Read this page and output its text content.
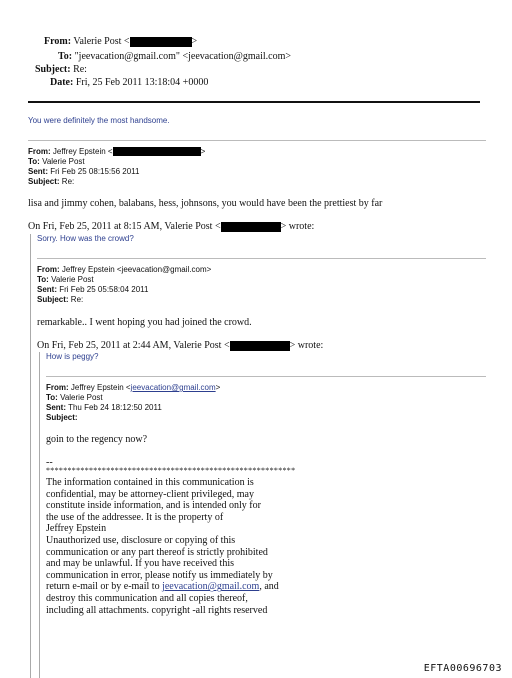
From: Valerie Post <	>
To: "jeevacation@gmail.com" <jeevacation@gmail.com>
Subject: Re:
Date: Fri, 25 Feb 2011 13:18:04 +0000
You were definitely the most handsome.
From: Jeffrey Epstein <	>
To: Valerie Post
Sent: Fri Feb 25 08:15:56 2011
Subject: Re:
lisa and jimmy cohen, balabans, hess, johnsons, you would have been the prettiest by far
On Fri, Feb 25, 2011 at 8:15 AM, Valerie Post <	> wrote:
Sorry. How was the crowd?
From: Jeffrey Epstein <jeevacation@gmail.com>
To: Valerie Post
Sent: Fri Feb 25 05:58:04 2011
Subject: Re:
remarkable.. I went hoping you had joined the crowd.
On Fri, Feb 25, 2011 at 2:44 AM, Valerie Post <	> wrote:
How is peggy?
From: Jeffrey Epstein <jeevacation@gmail.com>
To: Valerie Post
Sent: Thu Feb 24 18:12:50 2011
Subject:
goin to the regency now?
--
**********************************************************
The information contained in this communication is
confidential, may be attorney-client privileged, may
constitute inside information, and is intended only for
the use of the addressee. It is the property of
Jeffrey Epstein
Unauthorized use, disclosure or copying of this
communication or any part thereof is strictly prohibited
and may be unlawful. If you have received this
communication in error, please notify us immediately by
return e-mail or by e-mail to jeevacation@gmail.com, and
destroy this communication and all copies thereof,
including all attachments. copyright -all rights reserved
EFTA00696703
